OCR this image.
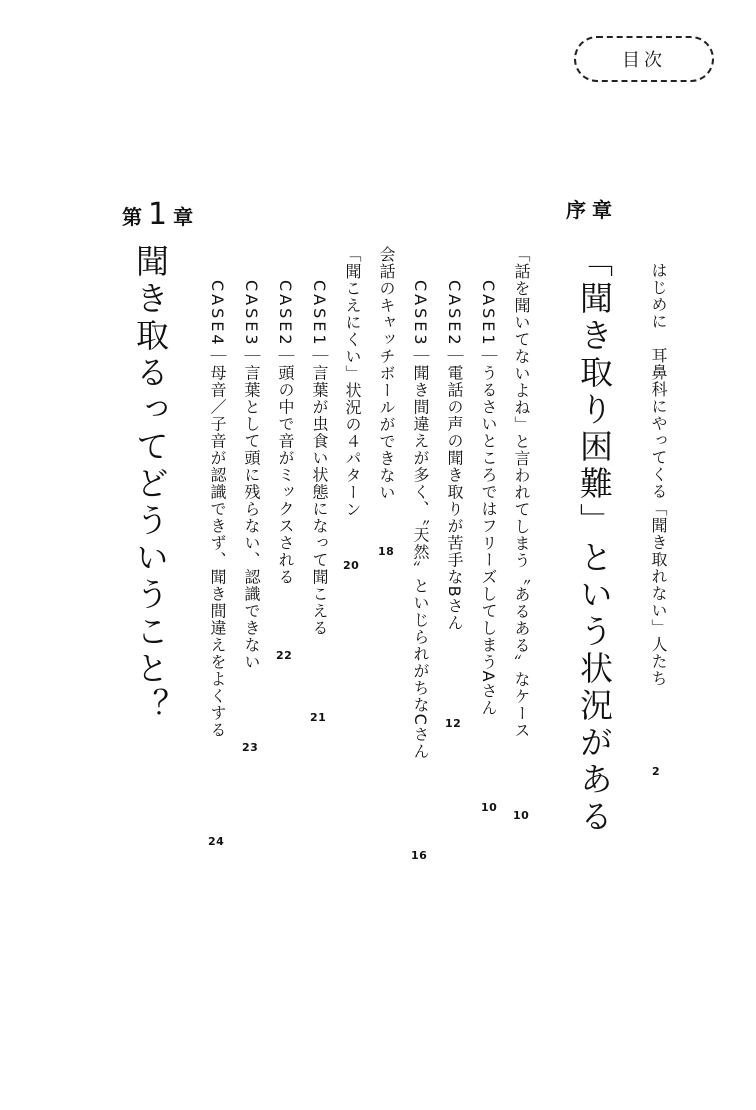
目次
序章
「聞き取り困難」という状況がある はじめに　耳鼻科にやってくる「聞き取れない」人たち
2
「話を聞いてないよね」と言われてしまう〝あるある〟なケース
10
CASE1｜うるさいところではフリーズしてしまうAさん
10
CASE2｜電話の声の聞き取りが苦手なBさん
12
CASE3｜聞き間違えが多く、〝天然〟といじられがちなCさん
16
会話のキャッチボールができない
18
「聞こえにくい」状況の４パターン
20
CASE1｜言葉が虫食い状態になって聞こえる
21
CASE2｜頭の中で音がミックスされる
22
CASE3｜言葉として頭に残らない、認識できない
23
CASE4｜母音／子音が認識できず、聞き間違えをよくする
24
第 1 章
聞き取るってどういうこと？
